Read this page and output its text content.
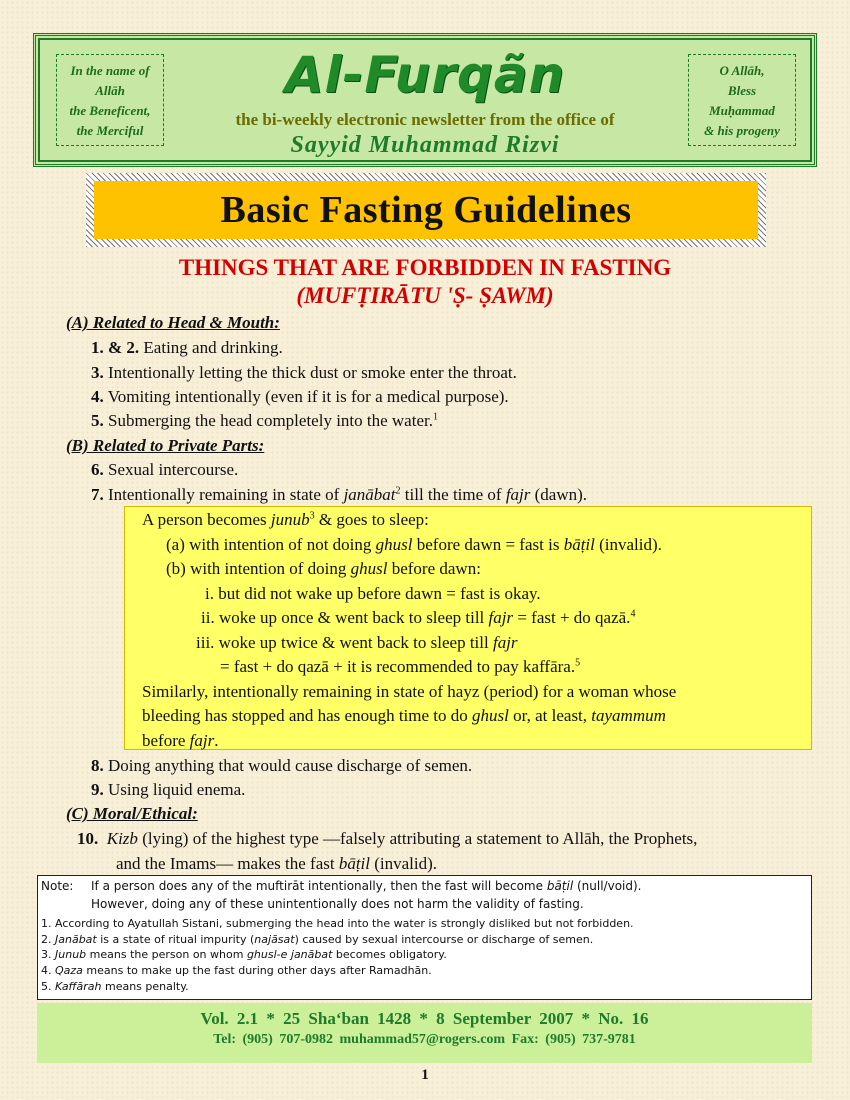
In the name of
Allāh
the Beneficent,
the Merciful
Al-Furqãn
the bi-weekly electronic newsletter from the office of
Sayyid Muhammad Rizvi
O Allāh,
Bless
Muḥammad
& his progeny
Basic Fasting Guidelines
THINGS THAT ARE FORBIDDEN IN FASTING
(MUFṬIRĀTU 'Ṣ- ṢAWM)
(A) Related to Head & Mouth:
1. & 2. Eating and drinking.
3. Intentionally letting the thick dust or smoke enter the throat.
4. Vomiting intentionally (even if it is for a medical purpose).
5. Submerging the head completely into the water.$^1$
(B) Related to Private Parts:
6. Sexual intercourse.
7. Intentionally remaining in state of janābat$^2$ till the time of fajr (dawn).
A person becomes junub$^3$ & goes to sleep:
(a) with intention of not doing ghusl before dawn = fast is bāṭil (invalid).
(b) with intention of doing ghusl before dawn:
i. but did not wake up before dawn = fast is okay.
ii. woke up once & went back to sleep till fajr = fast + do qazā.$^4$
iii. woke up twice & went back to sleep till fajr
= fast + do qazā + it is recommended to pay kaffāra.$^5$
Similarly, intentionally remaining in state of hayz (period) for a woman whose
bleeding has stopped and has enough time to do ghusl or, at least, tayammum
before fajr.
8. Doing anything that would cause discharge of semen.
9. Using liquid enema.
(C) Moral/Ethical:
10. Kizb (lying) of the highest type —falsely attributing a statement to Allāh, the Prophets,
and the Imams— makes the fast bāṭil (invalid).
Note: If a person does any of the muftirāt intentionally, then the fast will become bāṭil (null/void).
However, doing any of these unintentionally does not harm the validity of fasting.
1. According to Ayatullah Sistani, submerging the head into the water is strongly disliked but not forbidden.
2. Janābat is a state of ritual impurity (najāsat) caused by sexual intercourse or discharge of semen.
3. Junub means the person on whom ghusl-e janābat becomes obligatory.
4. Qaza means to make up the fast during other days after Ramadhān.
5. Kaffārah means penalty.
Vol. 2.1 * 25 Sha‘ban 1428 * 8 September 2007 * No. 16
Tel: (905) 707-0982 muhammad57@rogers.com Fax: (905) 737-9781
1
